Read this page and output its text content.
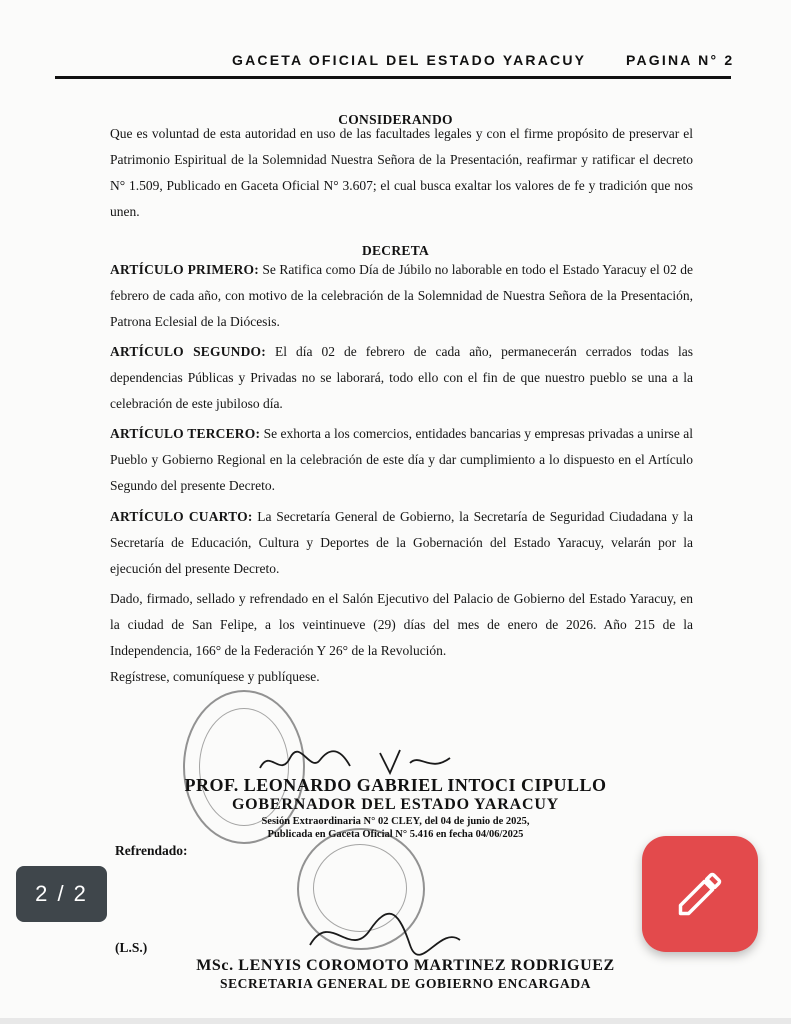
GACETA OFICIAL DEL ESTADO YARACUY	PAGINA N° 2
CONSIDERANDO
Que es voluntad de esta autoridad en uso de las facultades legales y con el firme propósito de preservar el Patrimonio Espiritual de la Solemnidad Nuestra Señora de la Presentación, reafirmar y ratificar el decreto N° 1.509, Publicado en Gaceta Oficial N° 3.607; el cual busca exaltar los valores de fe y tradición que nos unen.
DECRETA
ARTÍCULO PRIMERO: Se Ratifica como Día de Júbilo no laborable en todo el Estado Yaracuy el 02 de febrero de cada año, con motivo de la celebración de la Solemnidad de Nuestra Señora de la Presentación, Patrona Eclesial de la Diócesis.
ARTÍCULO SEGUNDO: El día 02 de febrero de cada año, permanecerán cerrados todas las dependencias Públicas y Privadas no se laborará, todo ello con el fin de que nuestro pueblo se una a la celebración de este jubiloso día.
ARTÍCULO TERCERO: Se exhorta a los comercios, entidades bancarias y empresas privadas a unirse al Pueblo y Gobierno Regional en la celebración de este día y dar cumplimiento a lo dispuesto en el Artículo Segundo del presente Decreto.
ARTÍCULO CUARTO: La Secretaría General de Gobierno, la Secretaría de Seguridad Ciudadana y la Secretaría de Educación, Cultura y Deportes de la Gobernación del Estado Yaracuy, velarán por la ejecución del presente Decreto.
Dado, firmado, sellado y refrendado en el Salón Ejecutivo del Palacio de Gobierno del Estado Yaracuy, en la ciudad de San Felipe, a los veintinueve (29) días del mes de enero de 2026. Año 215 de la Independencia, 166° de la Federación Y 26° de la Revolución.
Regístrese, comuníquese y publíquese.
PROF. LEONARDO GABRIEL INTOCI CIPULLO
GOBERNADOR DEL ESTADO YARACUY
Sesión Extraordinaria N° 02 CLEY, del 04 de junio de 2025,
Publicada en Gaceta Oficial N° 5.416 en fecha 04/06/2025
Refrendado:
(L.S.)
MSc. LENYIS COROMOTO MARTINEZ RODRIGUEZ
SECRETARIA GENERAL DE GOBIERNO ENCARGADA
2 / 2
